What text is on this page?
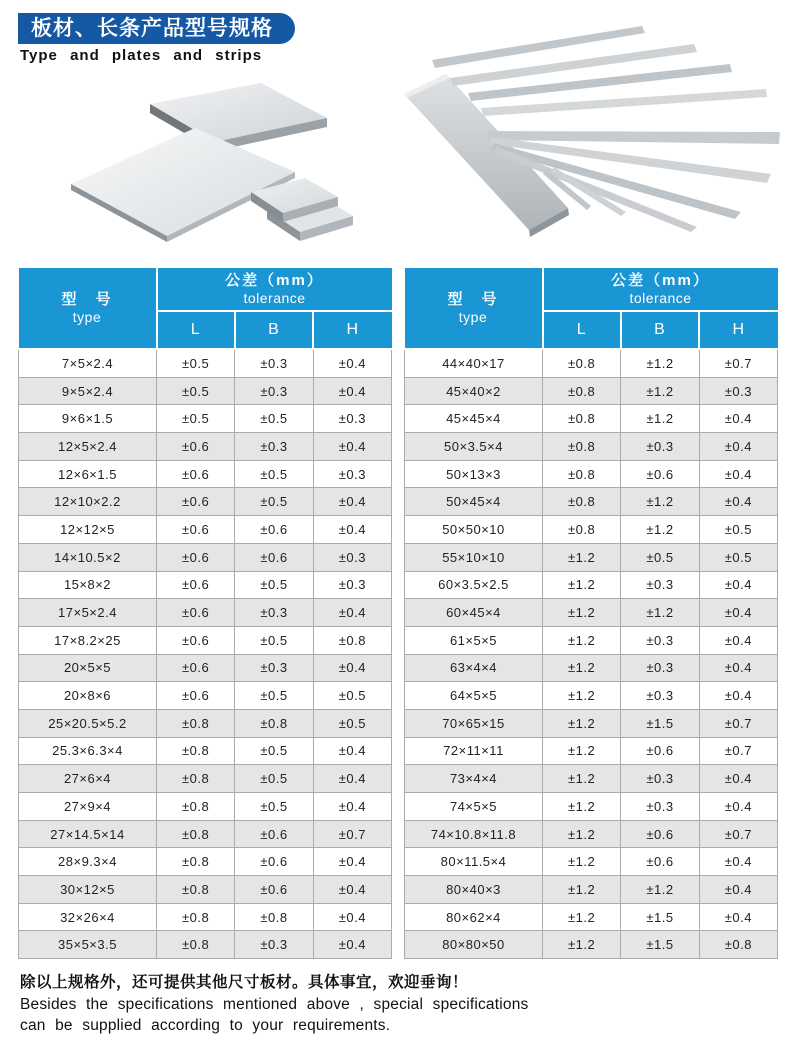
板材、长条产品型号规格
Type and plates and strips
型　号
type	公差（mm）
tolerance		

	L	B	H
7×5×2.4	±0.5	±0.3	±0.4
9×5×2.4	±0.5	±0.3	±0.4
9×6×1.5	±0.5	±0.5	±0.3
12×5×2.4	±0.6	±0.3	±0.4
12×6×1.5	±0.6	±0.5	±0.3
12×10×2.2	±0.6	±0.5	±0.4
12×12×5	±0.6	±0.6	±0.4
14×10.5×2	±0.6	±0.6	±0.3
15×8×2	±0.6	±0.5	±0.3
17×5×2.4	±0.6	±0.3	±0.4
17×8.2×25	±0.6	±0.5	±0.8
20×5×5	±0.6	±0.3	±0.4
20×8×6	±0.6	±0.5	±0.5
25×20.5×5.2	±0.8	±0.8	±0.5
25.3×6.3×4	±0.8	±0.5	±0.4
27×6×4	±0.8	±0.5	±0.4
27×9×4	±0.8	±0.5	±0.4
27×14.5×14	±0.8	±0.6	±0.7
28×9.3×4	±0.8	±0.6	±0.4
30×12×5	±0.8	±0.6	±0.4
32×26×4	±0.8	±0.8	±0.4
35×5×3.5	±0.8	±0.3	±0.4
型　号
type	公差（mm）
tolerance		

	L	B	H
44×40×17	±0.8	±1.2	±0.7
45×40×2	±0.8	±1.2	±0.3
45×45×4	±0.8	±1.2	±0.4
50×3.5×4	±0.8	±0.3	±0.4
50×13×3	±0.8	±0.6	±0.4
50×45×4	±0.8	±1.2	±0.4
50×50×10	±0.8	±1.2	±0.5
55×10×10	±1.2	±0.5	±0.5
60×3.5×2.5	±1.2	±0.3	±0.4
60×45×4	±1.2	±1.2	±0.4
61×5×5	±1.2	±0.3	±0.4
63×4×4	±1.2	±0.3	±0.4
64×5×5	±1.2	±0.3	±0.4
70×65×15	±1.2	±1.5	±0.7
72×11×11	±1.2	±0.6	±0.7
73×4×4	±1.2	±0.3	±0.4
74×5×5	±1.2	±0.3	±0.4
74×10.8×11.8	±1.2	±0.6	±0.7
80×11.5×4	±1.2	±0.6	±0.4
80×40×3	±1.2	±1.2	±0.4
80×62×4	±1.2	±1.5	±0.4
80×80×50	±1.2	±1.5	±0.8
除以上规格外，还可提供其他尺寸板材。具体事宜，欢迎垂询！
Besides the specifications mentioned above , special specifications
can be supplied according to your requirements.
